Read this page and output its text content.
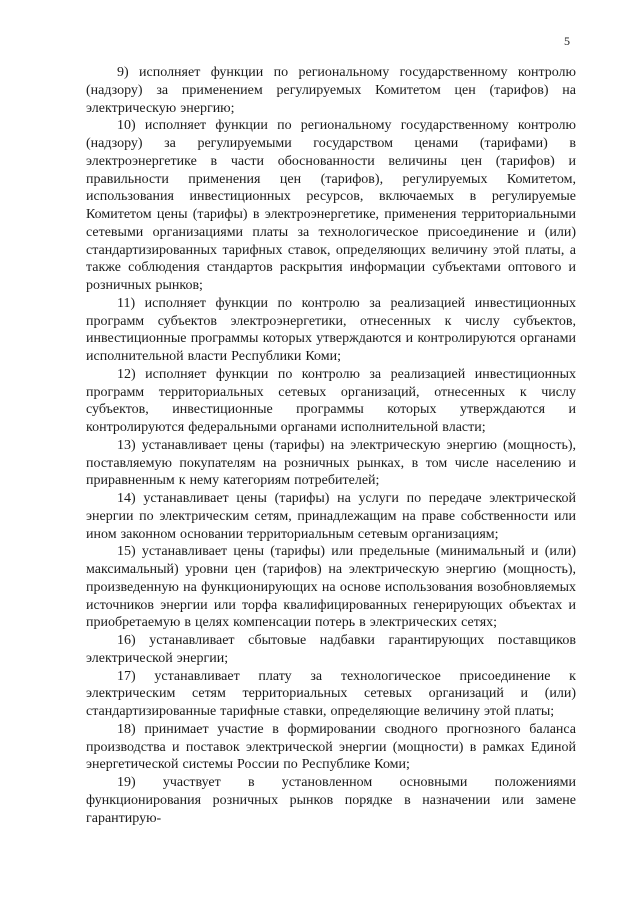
5

9) исполняет функции по региональному государственному контролю (надзору) за применением регулируемых Комитетом цен (тарифов) на электрическую энергию;

10) исполняет функции по региональному государственному контролю (надзору) за регулируемыми государством ценами (тарифами) в электроэнергетике в части обоснованности величины цен (тарифов) и правильности применения цен (тарифов), регулируемых Комитетом, использования инвестиционных ресурсов, включаемых в регулируемые Комитетом цены (тарифы) в электроэнергетике, применения территориальными сетевыми организациями платы за технологическое присоединение и (или) стандартизированных тарифных ставок, определяющих величину этой платы, а также соблюдения стандартов раскрытия информации субъектами оптового и розничных рынков;

11) исполняет функции по контролю за реализацией инвестиционных программ субъектов электроэнергетики, отнесенных к числу субъектов, инвестиционные программы которых утверждаются и контролируются органами исполнительной власти Республики Коми;

12) исполняет функции по контролю за реализацией инвестиционных программ территориальных сетевых организаций, отнесенных к числу субъектов, инвестиционные программы которых утверждаются и контролируются федеральными органами исполнительной власти;

13) устанавливает цены (тарифы) на электрическую энергию (мощность), поставляемую покупателям на розничных рынках, в том числе населению и приравненным к нему категориям потребителей;

14) устанавливает цены (тарифы) на услуги по передаче электрической энергии по электрическим сетям, принадлежащим на праве собственности или ином законном основании территориальным сетевым организациям;

15) устанавливает цены (тарифы) или предельные (минимальный и (или) максимальный) уровни цен (тарифов) на электрическую энергию (мощность), произведенную на функционирующих на основе использования возобновляемых источников энергии или торфа квалифицированных генерирующих объектах и приобретаемую в целях компенсации потерь в электрических сетях;

16) устанавливает сбытовые надбавки гарантирующих поставщиков электрической энергии;

17) устанавливает плату за технологическое присоединение к электрическим сетям территориальных сетевых организаций и (или) стандартизированные тарифные ставки, определяющие величину этой платы;

18) принимает участие в формировании сводного прогнозного баланса производства и поставок электрической энергии (мощности) в рамках Единой энергетической системы России по Республике Коми;

19) участвует в установленном основными положениями функционирования розничных рынков порядке в назначении или замене гарантирую-
